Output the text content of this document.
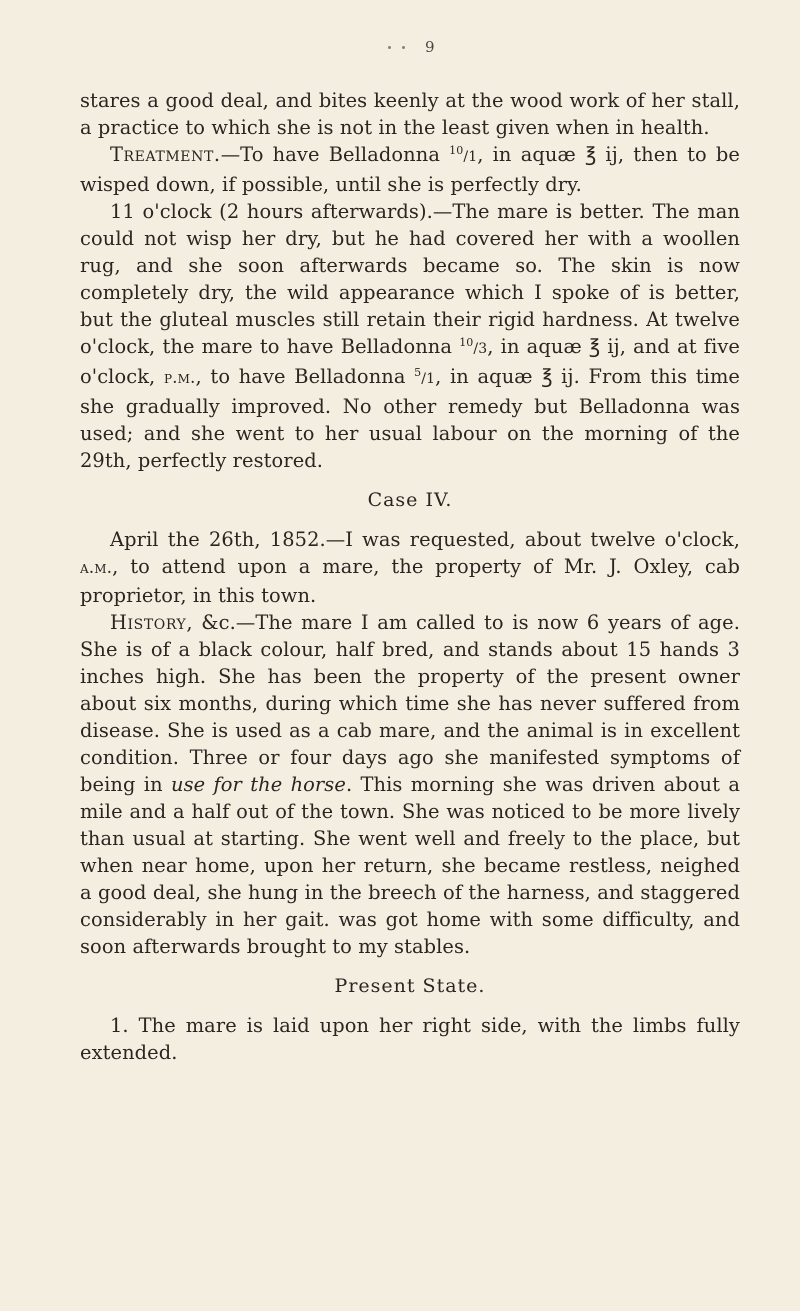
9

stares a good deal, and bites keenly at the wood work of her stall, a practice to which she is not in the least given when in health.

Treatment.—To have Belladonna $^{10}$/1, in aquæ ℥ ij, then to be wisped down, if possible, until she is perfectly dry.

11 o'clock (2 hours afterwards).—The mare is better. The man could not wisp her dry, but he had covered her with a woollen rug, and she soon afterwards became so. The skin is now completely dry, the wild appearance which I spoke of is better, but the gluteal muscles still retain their rigid hardness. At twelve o'clock, the mare to have Belladonna $^{10}$/3, in aquæ ℥ ij, and at five o'clock, p.m., to have Belladonna $^5$/1, in aquæ ℥ ij. From this time she gradually improved. No other remedy but Belladonna was used; and she went to her usual labour on the morning of the 29th, perfectly restored.

Case IV.

April the 26th, 1852.—I was requested, about twelve o'clock, a.m., to attend upon a mare, the property of Mr. J. Oxley, cab proprietor, in this town.

History, &c.—The mare I am called to is now 6 years of age. She is of a black colour, half bred, and stands about 15 hands 3 inches high. She has been the property of the present owner about six months, during which time she has never suffered from disease. She is used as a cab mare, and the animal is in excellent condition. Three or four days ago she manifested symptoms of being in use for the horse. This morning she was driven about a mile and a half out of the town. She was noticed to be more lively than usual at starting. She went well and freely to the place, but when near home, upon her return, she became restless, neighed a good deal, she hung in the breech of the harness, and staggered considerably in her gait. was got home with some difficulty, and soon afterwards brought to my stables.

Present State.

1. The mare is laid upon her right side, with the limbs fully extended.
